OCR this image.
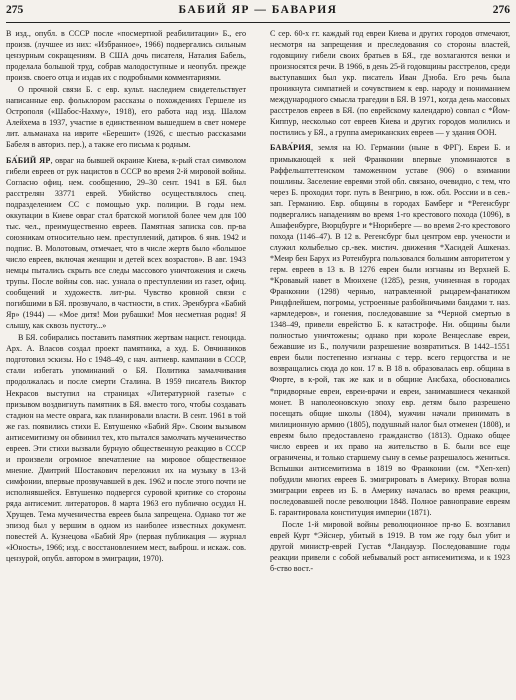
275	БАБИЙ ЯР — БАВАРИЯ	276

В изд., опубл. в СССР после «посмертной реабилитации» Б., его произв. (лучшее из них: «Избранное», 1966) подвергались сильным цензурным сокращениям. В США дочь писателя, Наталия Бабель, проделала большой труд, собрав малодоступные и неопубл. прежде произв. своего отца и издав их с подробными комментариями.

О прочной связи Б. с евр. культ. наследием свидетельствует написанные евр. фольклором рассказы о похождениях Гершеле из Острополя («Шабос-Нахму», 1918), его работа над изд. Шалом Алейхема в 1937, участие в единственном вышедшем в свет номере лит. альманаха на иврите «Берешит» (1926, с шестью рассказами Бабеля в авториз. пер.), а также его письма к родным.

БА́БИЙ ЯР, овраг на бывшей окраине Киева, к-рый стал символом гибели евреев от рук нацистов в СССР во время 2-й мировой войны. Согласно офиц. нем. сообщению, 29–30 сент. 1941 в БЯ. был расстрелян 33771 еврей. Убийство осуществлялось спец. подразделением СС с помощью укр. полиции. В годы нем. оккупации в Киеве овраг стал братской могилой более чем для 100 тыс. чел., преимущественно евреев. Памятная записка сов. пр-ва союзникам относительно нем. преступлений, датиров. 6 янв. 1942 и подпис. В. Молотовым, отмечает, что в числе жертв было «большое число евреев, включая женщин и детей всех возрастов». В авг. 1943 немцы пытались скрыть все следы массового уничтожения и сжечь трупы. После войны сов. нас. узнала о преступлении из газет, офиц. сообщений и художеств. лит-ры. Чувство кровной связи с погибшими в БЯ. прозвучало, в частности, в стих. Эренбурга «Бабий Яр» (1944) — «Мое дитя! Мои рубашки! Моя несметная родня! Я слышу, как сквозь пустоту...»

В БЯ. собирались поставить памятник жертвам нацист. геноцида. Арх. А. Власов создал проект памятника, а худ. Б. Овчинников подготовил эскизы. Но с 1948–49, с нач. антиевр. кампании в СССР, стали избегать упоминаний о БЯ. Политика замалчивания продолжалась и после смерти Сталина. В 1959 писатель Виктор Некрасов выступил на страницах «Литературной газеты» с призывом воздвигнуть памятник в БЯ. вместо того, чтобы создавать стадион на месте оврага, как планировали власти. В сент. 1961 в той же газ. появились стихи Е. Евтушенко «Бабий Яр». Своим вызывом антисемитизму он обвинил тех, кто пытался замолчать мученичество евреев. Эти стихи вызвали бурную общественную реакцию в СССР и произвели огромное впечатление на мировое общественное мнение. Дмитрий Шостакович переложил их на музыку в 13-й симфонии, впервые прозвучавшей в дек. 1962 и после этого почти не исполнявшейся. Евтушенко подвергся суровой критике со стороны ряда антисемит. литераторов. 8 марта 1963 его публично осудил Н. Хрущев. Тема мученичества евреев была запрещена. Однако тот же эпизод был у вершим в одном из наиболее известных документ. повестей А. Кузнецова «Бабий Яр» (первая публикация — журнал «Юность», 1966; изд. с восстановлением мест, выброш. и искаж. сов. цензурой, опубл. автором в эмиграции, 1970).

С сер. 60-х гг. каждый год евреи Киева и других городов отмечают, несмотря на запрещения и преследования со стороны властей, годовщину гибели своих братьев в БЯ., где возлагаются венки и произносятся речи. В 1966, в день 25-й годовщины расстрелов, среди выступавших был укр. писатель Иван Дзюба. Его речь была проникнута симпатией и сочувствием к евр. народу и пониманием международного смысла трагедии в БЯ. В 1971, когда день массовых расстрелов евреев в БЯ. (по еврейскому календарю) совпал с *Йом-Киппур, несколько сот евреев Киева и других городов молились и постились у БЯ., а группа американских евреев — у здания ООН.

БАВА́РИЯ, земля на Ю. Германии (ныне в ФРГ). Евреи Б. и примыкающей к ней Франконии впервые упоминаются в Раффельштеттенском таможенном уставе (906) о взимании пошлины. Заселение евреями этой обл. связано, очевидно, с тем, что через Б. проходил торг. путь в Венгрию, в юж. обл. России и в сев.-зап. Германию. Евр. общины в городах Бамберг и *Регенсбург подвергались нападениям во время 1-го крестового похода (1096), в Ашафенбурге, Вюрцбурге и *Нюрнберге — во время 2-го крестового похода (1146–47). В 12 в. Регенсбург был центром евр. учености и служил колыбелью ср.-век. мистич. движения *Хасидей Ашкеназ. *Меир бен Барух из Ротенбурга пользовался большим авторитетом у герм. евреев в 13 в. В 1276 евреи были изгнаны из Верхней Б. *Кровавый навет в Мюнхене (1285), резня, учиненная в городах Франконии (1298) чернью, натравленной рыцарем-фанатиком Риндфлейшем, погромы, устроенные разбойничьими бандами т. наз. «армледеров», и гонения, последовавшие за *Черной смертью в 1348–49, привели еврейство Б. к катастрофе. Ни. общины были полностью уничтожены; однако при короле Венцеславе евреи, бежавшие из Б., получили разрешение возвратиться. В 1442–1551 евреи были постепенно изгнаны с терр. всего герцогства и не возвращались сюда до кон. 17 в. В 18 в. образовалась евр. община в Фюрте, в к-рой, так же как и в общине Ансбаха, обосновались *придворные евреи, евреи-врачи и евреи, занимавшиеся чеканкой монет. В наполеоновскую эпоху евр. детям было разрешено посещать общие школы (1804), мужчин начали принимать в милиционную армию (1805), подушный налог был отменен (1808), и евреям было предоставлено гражданство (1813). Однако общее число евреев и их право на жительство в Б. были все еще ограничены, и только старшему сыну в семье разрешалось жениться. Вспышки антисемитизма в 1819 во Франконии (см. *Хеп-хеп) побудили многих евреев Б. эмигрировать в Америку. Вторая волна эмиграции евреев из Б. в Америку началась во время реакции, последовавшей после революции 1848. Полное равноправие евреям Б. гарантировала конституция империи (1871).

После 1-й мировой войны революционное пр-во Б. возглавил еврей Курт *Эйснер, убитый в 1919. В том же году был убит и другой министр-еврей Густав *Ландауэр. Последовавшие годы реакции привели с собой небывалый рост антисемитизма, и к 1923 б-ство вост.-
